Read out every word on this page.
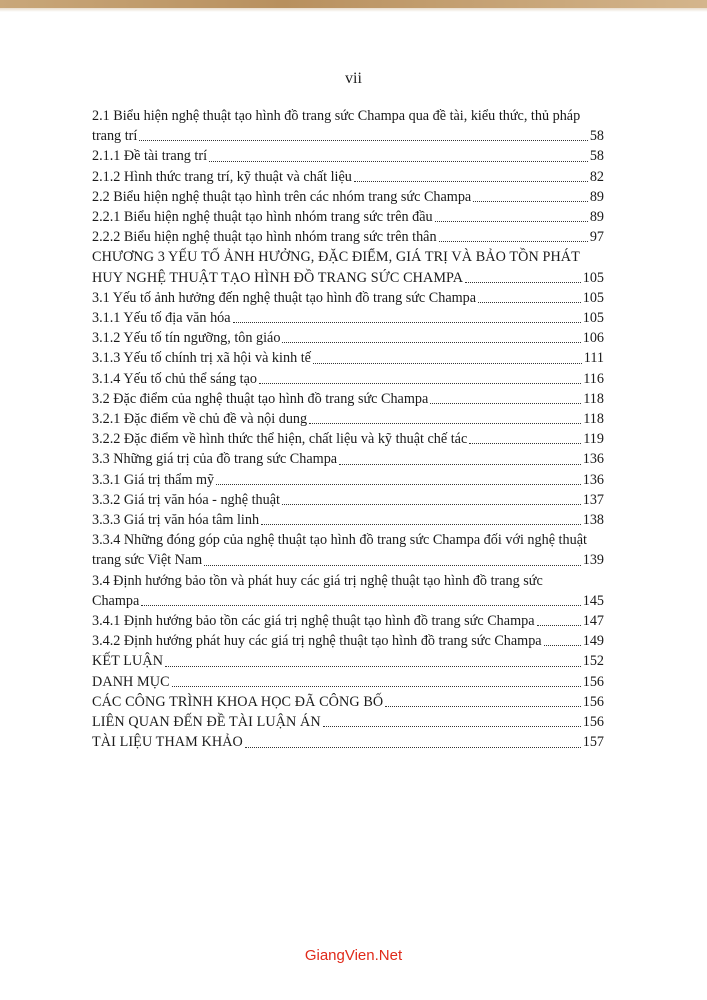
vii
2.1 Biểu hiện nghệ thuật tạo hình đồ trang sức Champa qua đề tài, kiểu thức, thủ pháp
trang trí	58
2.1.1 Đề tài trang trí	58
2.1.2 Hình thức trang trí, kỹ thuật và chất liệu	82
2.2 Biểu hiện nghệ thuật tạo hình trên các nhóm trang sức Champa	89
2.2.1 Biểu hiện nghệ thuật tạo hình nhóm trang sức trên đầu	89
2.2.2 Biểu hiện nghệ thuật tạo hình nhóm trang sức trên thân	97
CHƯƠNG 3 YẾU TỐ ẢNH HƯỞNG, ĐẶC ĐIỂM, GIÁ TRỊ VÀ BẢO TỒN PHÁT
HUY NGHỆ THUẬT TẠO HÌNH ĐỒ TRANG SỨC CHAMPA	105
3.1 Yếu tố ảnh hưởng đến nghệ thuật tạo hình đồ trang sức Champa	105
3.1.1 Yếu tố địa văn hóa	105
3.1.2 Yếu tố tín ngưỡng, tôn giáo	106
3.1.3 Yếu tố chính trị xã hội và kinh tế	111
3.1.4 Yếu tố chủ thể sáng tạo	116
3.2 Đặc điểm của nghệ thuật tạo hình đồ trang sức Champa	118
3.2.1 Đặc điểm về chủ đề và nội dung	118
3.2.2 Đặc điểm về hình thức thể hiện, chất liệu và kỹ thuật chế tác	119
3.3 Những giá trị của đồ trang sức Champa	136
3.3.1 Giá trị thẩm mỹ	136
3.3.2 Giá trị văn hóa - nghệ thuật	137
3.3.3 Giá trị văn hóa tâm linh	138
3.3.4 Những đóng góp của nghệ thuật tạo hình đồ trang sức Champa đối với nghệ thuật
trang sức Việt Nam	139
3.4 Định hướng bảo tồn và phát huy các giá trị nghệ thuật tạo hình đồ trang sức
Champa	145
3.4.1 Định hướng bảo tồn các giá trị nghệ thuật tạo hình đồ trang sức Champa	147
3.4.2 Định hướng phát huy các giá trị nghệ thuật tạo hình đồ trang sức Champa	149
KẾT LUẬN	152
DANH MỤC	156
CÁC CÔNG TRÌNH KHOA HỌC ĐÃ CÔNG BỐ	156
LIÊN QUAN ĐẾN ĐỀ TÀI LUẬN ÁN	156
TÀI LIỆU THAM KHẢO	157
GiangVien.Net
